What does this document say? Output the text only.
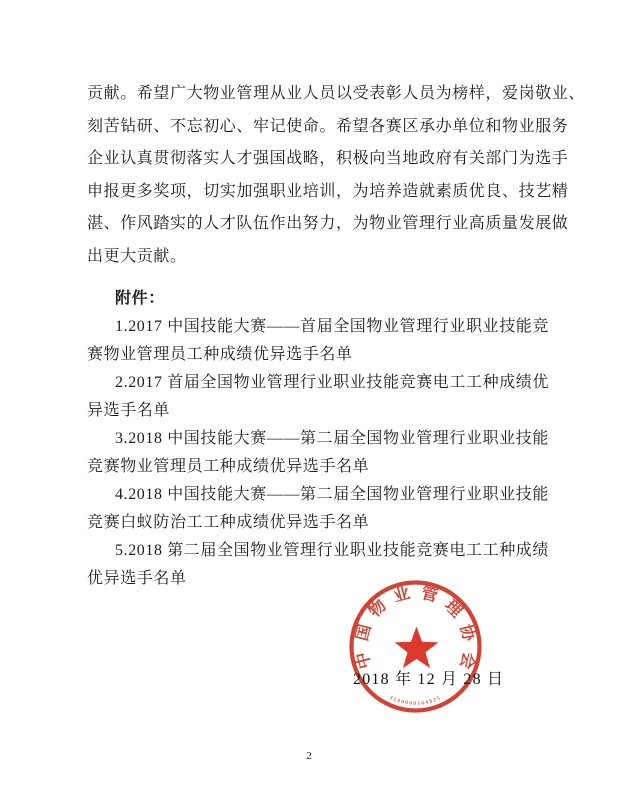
贡献。希望广大物业管理从业人员以受表彰人员为榜样，爱岗敬业、
刻苦钻研、不忘初心、牢记使命。希望各赛区承办单位和物业服务
企业认真贯彻落实人才强国战略，积极向当地政府有关部门为选手
申报更多奖项，切实加强职业培训，为培养造就素质优良、技艺精
湛、作风踏实的人才队伍作出努力，为物业管理行业高质量发展做
出更大贡献。
附件：
1.2017 中国技能大赛——首届全国物业管理行业职业技能竞
赛物业管理员工种成绩优异选手名单
2.2017 首届全国物业管理行业职业技能竞赛电工工种成绩优
异选手名单
3.2018 中国技能大赛——第二届全国物业管理行业职业技能
竞赛物业管理员工种成绩优异选手名单
4.2018 中国技能大赛——第二届全国物业管理行业职业技能
竞赛白蚁防治工工种成绩优异选手名单
5.2018 第二届全国物业管理行业职业技能竞赛电工工种成绩
优异选手名单
中
国
物
业 管
理
协
会
1100000164925
2018 年 12 月 28 日
2
